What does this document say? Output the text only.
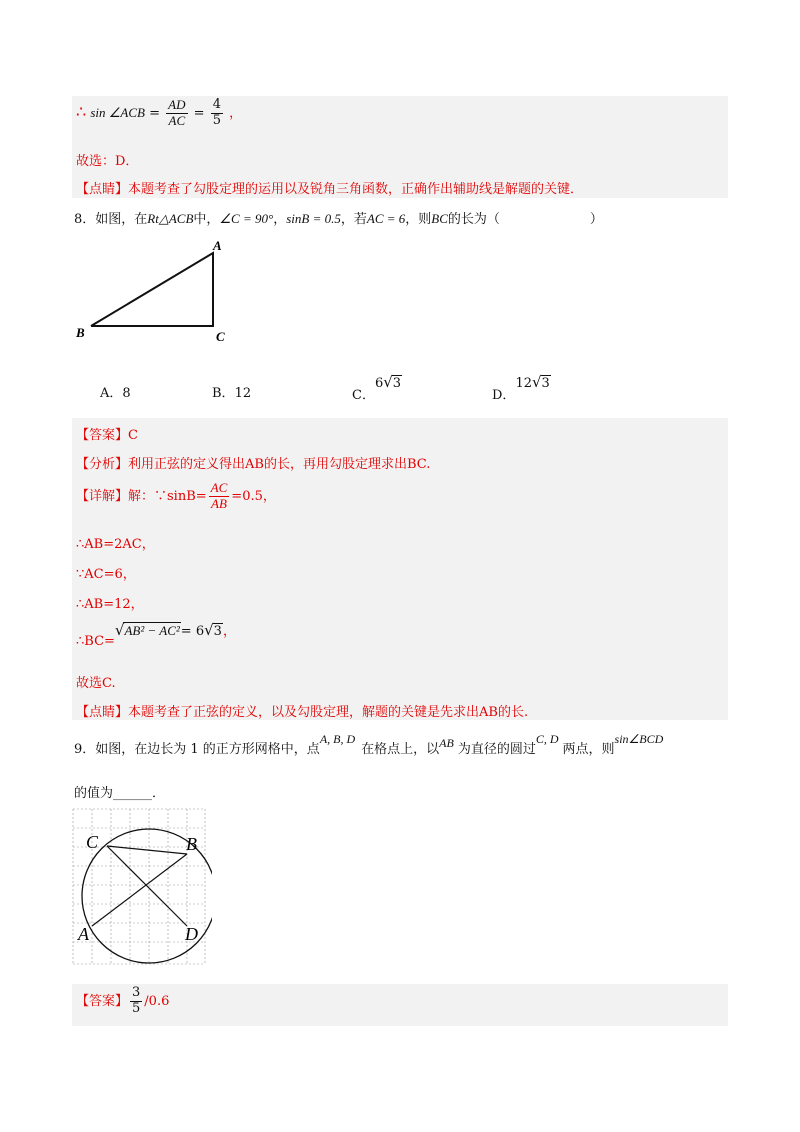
∴ sin ∠ACB = $\frac{AD}{AC} = \frac{4}{5}$ ，
故选：D．
【点睛】本题考查了勾股定理的运用以及锐角三角函数，正确作出辅助线是解题的关键．
8．如图，在Rt△ACB中，∠C = 90°，sinB = 0.5，若AC = 6，则BC的长为（	）
A
B	C
A．8	B．12	C．6√3
D．12√3
【答案】C
【分析】利用正弦的定义得出AB的长，再用勾股定理求出BC.
【详解】解：∵sinB= $\frac{AC}{AB} =0.5$，
∴AB=2AC，
∵AC=6，
∴AB=12，
∴BC=√AB² − AC²= 6√3，
故选C.
【点睛】本题考查了正弦的定义，以及勾股定理，解题的关键是先求出AB的长.
9．如图，在边长为 1 的正方形网格中，点A, B, D在格点上，以AB 为直径的圆过C, D两点，则sin∠BCD
的值为______．
C	B
A	D
【答案】 $\frac{3}{5} /0.6$
